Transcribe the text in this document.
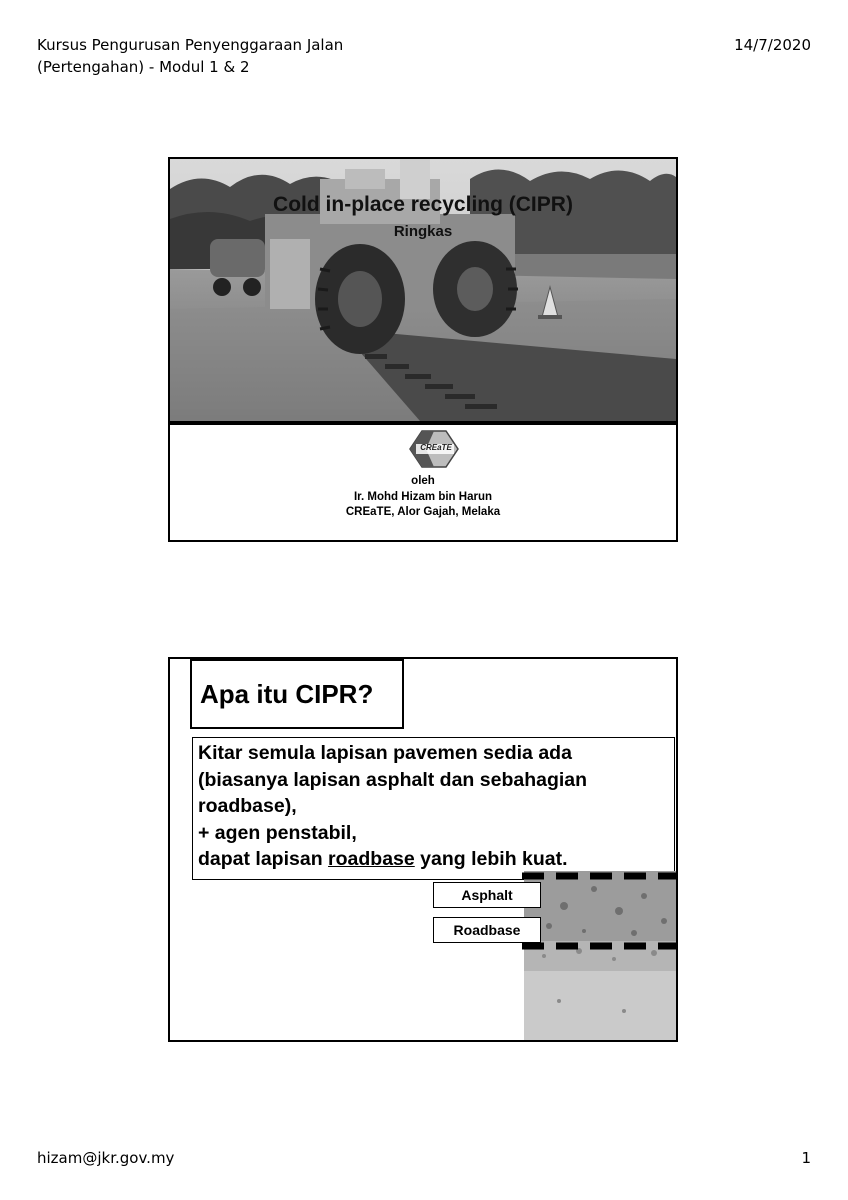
Kursus Pengurusan Penyenggaraan Jalan
(Pertengahan) - Modul 1 & 2
14/7/2020
Cold in-place recycling (CIPR)
Ringkas
CREaTE
oleh
Ir. Mohd Hizam bin Harun
CREaTE, Alor Gajah, Melaka
Apa itu CIPR?
Kitar semula lapisan pavemen sedia ada
(biasanya lapisan asphalt dan sebahagian
roadbase),
+ agen penstabil,
dapat lapisan roadbase yang lebih kuat.
Asphalt
Roadbase
hizam@jkr.gov.my	1
